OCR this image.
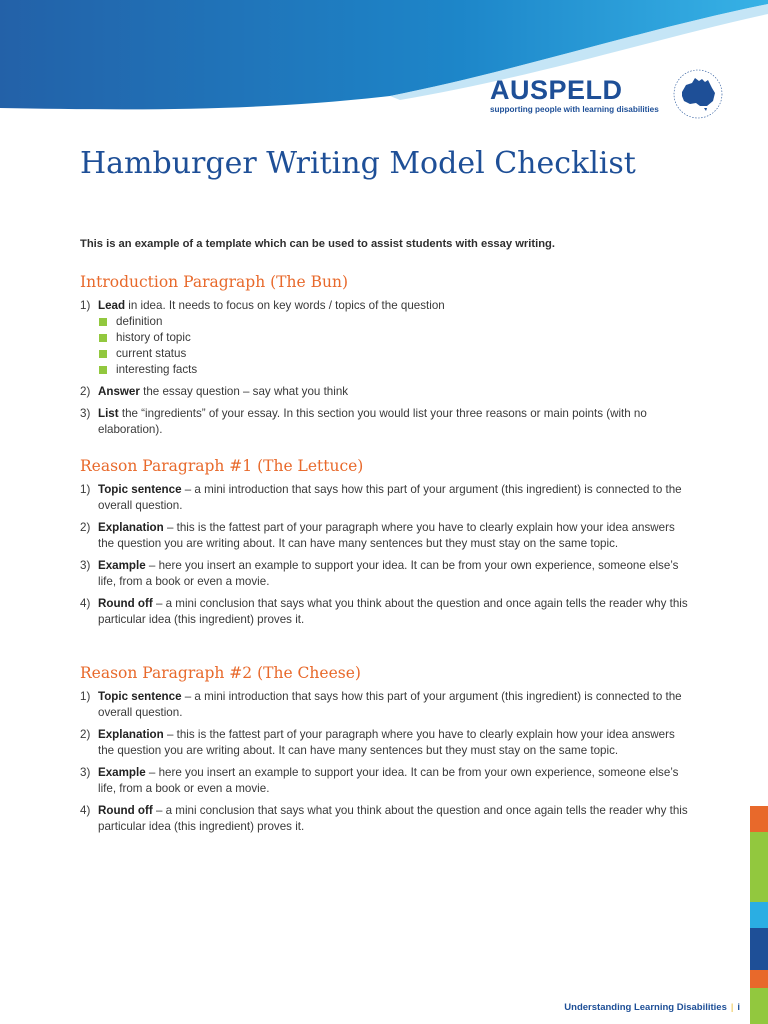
AUSPELD
supporting people with learning disabilities
Hamburger Writing Model Checklist

This is an example of a template which can be used to assist students with essay writing.

Introduction Paragraph (The Bun)
1) Lead in idea. It needs to focus on key words / topics of the question
definition
history of topic
current status
interesting facts
2) Answer the essay question – say what you think
3) List the “ingredients” of your essay. In this section you would list your three reasons or main points (with no elaboration).
Reason Paragraph #1 (The Lettuce)
1) Topic sentence – a mini introduction that says how this part of your argument (this ingredient) is connected to the overall question.
2) Explanation – this is the fattest part of your paragraph where you have to clearly explain how your idea answers the question you are writing about. It can have many sentences but they must stay on the same topic.
3) Example – here you insert an example to support your idea. It can be from your own experience, someone else’s life, from a book or even a movie.
4) Round off – a mini conclusion that says what you think about the question and once again tells the reader why this particular idea (this ingredient) proves it.
Reason Paragraph #2 (The Cheese)
1) Topic sentence – a mini introduction that says how this part of your argument (this ingredient) is connected to the overall question.
2) Explanation – this is the fattest part of your paragraph where you have to clearly explain how your idea answers the question you are writing about. It can have many sentences but they must stay on the same topic.
3) Example – here you insert an example to support your idea. It can be from your own experience, someone else’s life, from a book or even a movie.
4) Round off – a mini conclusion that says what you think about the question and once again tells the reader why this particular idea (this ingredient) proves it.
Understanding Learning Disabilities | i
